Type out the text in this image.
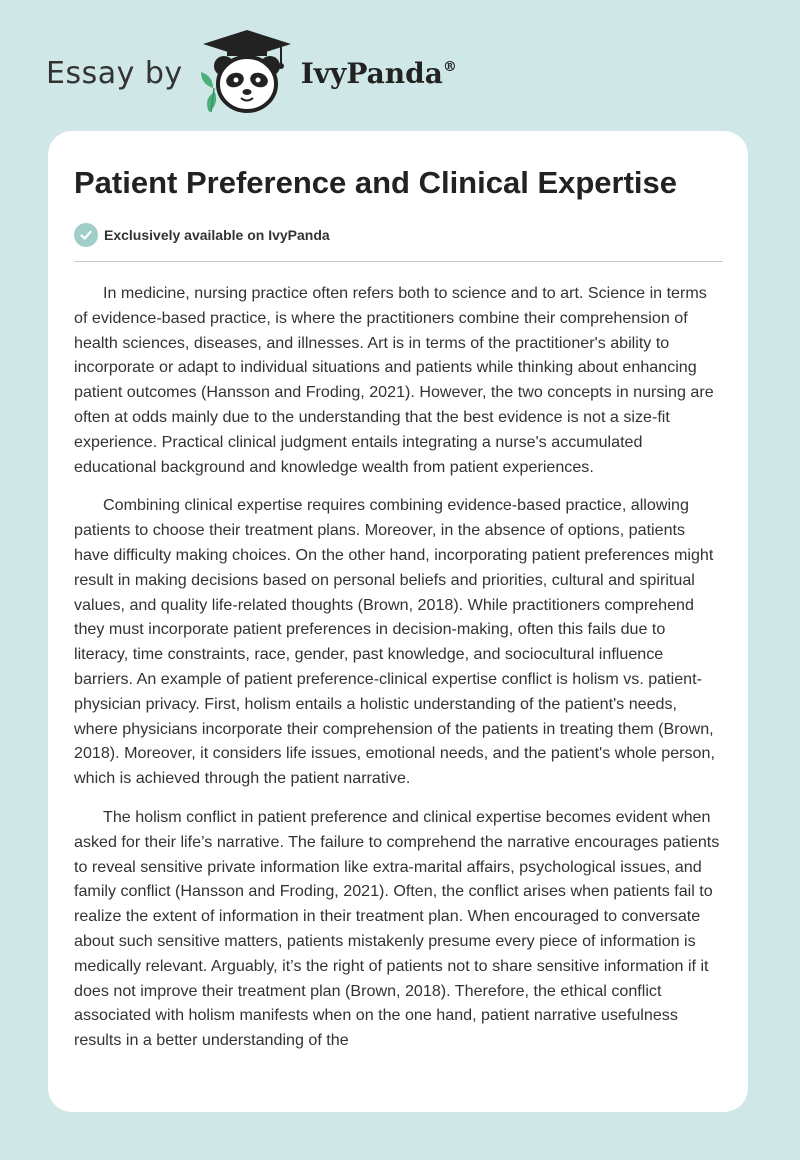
Essay by	IvyPanda®
Patient Preference and Clinical Expertise
Exclusively available on IvyPanda

In medicine, nursing practice often refers both to science and to art. Science in terms of evidence-based practice, is where the practitioners combine their comprehension of health sciences, diseases, and illnesses. Art is in terms of the practitioner's ability to incorporate or adapt to individual situations and patients while thinking about enhancing patient outcomes (Hansson and Froding, 2021). However, the two concepts in nursing are often at odds mainly due to the understanding that the best evidence is not a size-fit experience. Practical clinical judgment entails integrating a nurse's accumulated educational background and knowledge wealth from patient experiences.

Combining clinical expertise requires combining evidence-based practice, allowing patients to choose their treatment plans. Moreover, in the absence of options, patients have difficulty making choices. On the other hand, incorporating patient preferences might result in making decisions based on personal beliefs and priorities, cultural and spiritual values, and quality life-related thoughts (Brown, 2018). While practitioners comprehend they must incorporate patient preferences in decision-making, often this fails due to literacy, time constraints, race, gender, past knowledge, and sociocultural influence barriers. An example of patient preference-clinical expertise conflict is holism vs. patient-physician privacy. First, holism entails a holistic understanding of the patient's needs, where physicians incorporate their comprehension of the patients in treating them (Brown, 2018). Moreover, it considers life issues, emotional needs, and the patient's whole person, which is achieved through the patient narrative.

The holism conflict in patient preference and clinical expertise becomes evident when asked for their life’s narrative. The failure to comprehend the narrative encourages patients to reveal sensitive private information like extra-marital affairs, psychological issues, and family conflict (Hansson and Froding, 2021). Often, the conflict arises when patients fail to realize the extent of information in their treatment plan. When encouraged to conversate about such sensitive matters, patients mistakenly presume every piece of information is medically relevant. Arguably, it’s the right of patients not to share sensitive information if it does not improve their treatment plan (Brown, 2018). Therefore, the ethical conflict associated with holism manifests when on the one hand, patient narrative usefulness results in a better understanding of the
